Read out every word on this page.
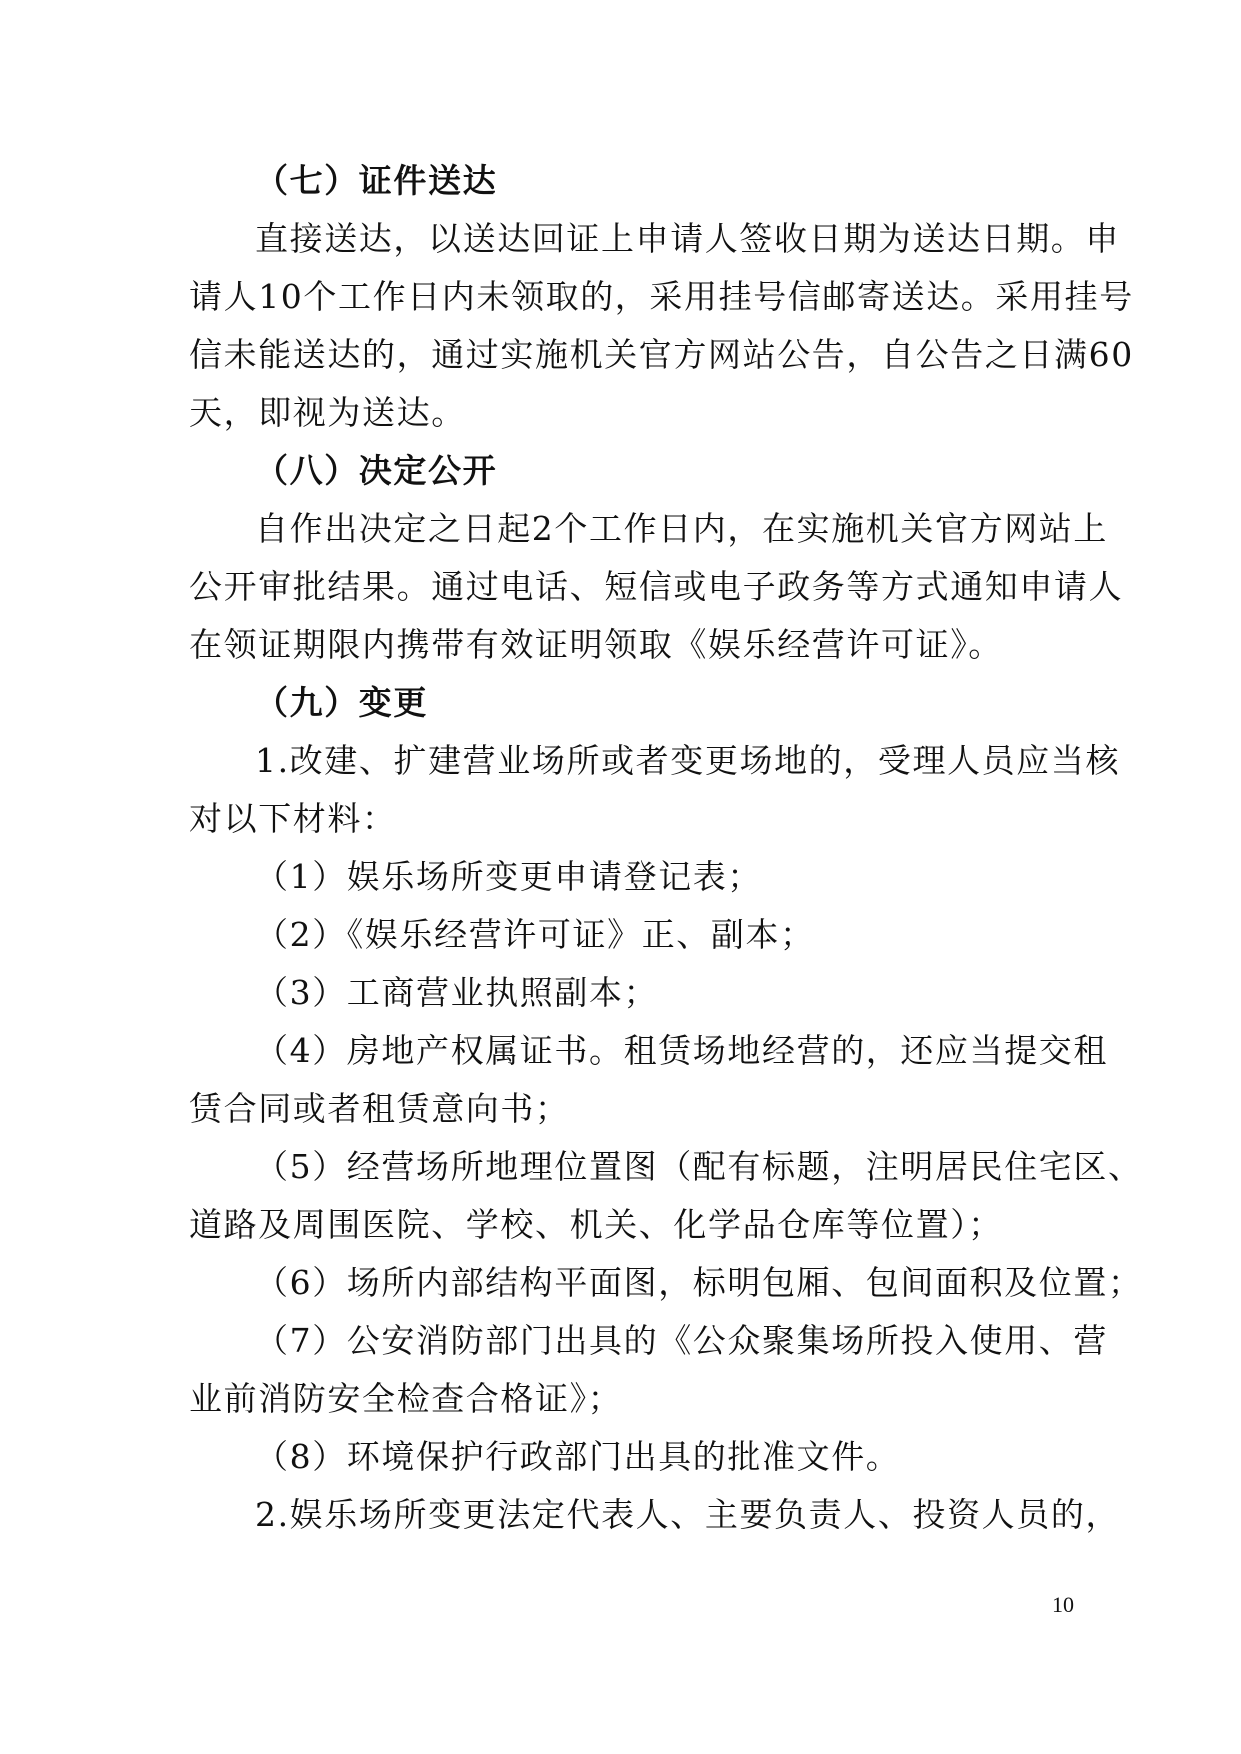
（七）证件送达
直接送达，以送达回证上申请人签收日期为送达日期。申
请人10个工作日内未领取的，采用挂号信邮寄送达。采用挂号
信未能送达的，通过实施机关官方网站公告，自公告之日满60
天，即视为送达。
（八）决定公开
自作出决定之日起2个工作日内，在实施机关官方网站上
公开审批结果。通过电话、短信或电子政务等方式通知申请人
在领证期限内携带有效证明领取《娱乐经营许可证》。
（九）变更
1.改建、扩建营业场所或者变更场地的，受理人员应当核
对以下材料：
（1）娱乐场所变更申请登记表；
（2）《娱乐经营许可证》正、副本；
（3）工商营业执照副本；
（4）房地产权属证书。租赁场地经营的，还应当提交租
赁合同或者租赁意向书；
（5）经营场所地理位置图（配有标题，注明居民住宅区、
道路及周围医院、学校、机关、化学品仓库等位置）；
（6）场所内部结构平面图，标明包厢、包间面积及位置；
（7）公安消防部门出具的《公众聚集场所投入使用、营
业前消防安全检查合格证》；
（8）环境保护行政部门出具的批准文件。
2.娱乐场所变更法定代表人、主要负责人、投资人员的，
10
